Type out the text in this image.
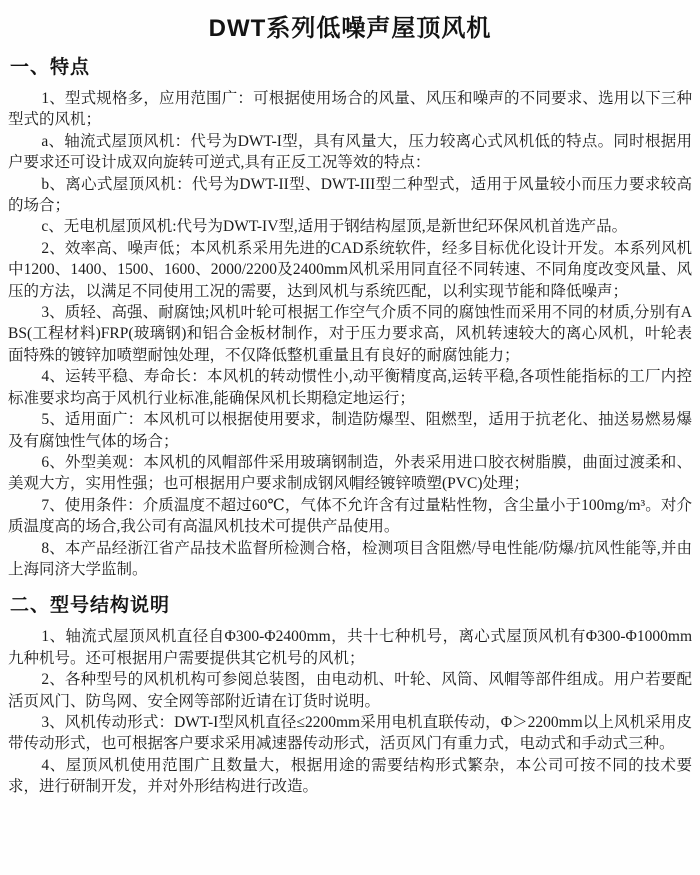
DWT系列低噪声屋顶风机
一、特点

1、型式规格多，应用范围广：可根据使用场合的风量、风压和噪声的不同要求、选用以下三种型式的风机；

a、轴流式屋顶风机：代号为DWT-I型，具有风量大，压力较离心式风机低的特点。同时根据用户要求还可设计成双向旋转可逆式,具有正反工况等效的特点：

b、离心式屋顶风机：代号为DWT-II型、DWT-III型二种型式，适用于风量较小而压力要求较高的场合；

c、无电机屋顶风机:代号为DWT-IV型,适用于钢结构屋顶,是新世纪环保风机首选产品。

2、效率高、噪声低；本风机系采用先进的CAD系统软件，经多目标优化设计开发。本系列风机中1200、1400、1500、1600、2000/2200及2400mm风机采用同直径不同转速、不同角度改变风量、风压的方法，以满足不同使用工况的需要，达到风机与系统匹配，以利实现节能和降低噪声；

3、质轻、高强、耐腐蚀;风机叶轮可根据工作空气介质不同的腐蚀性而采用不同的材质,分别有ABS(工程材料)FRP(玻璃钢)和铝合金板材制作，对于压力要求高，风机转速较大的离心风机，叶轮表面特殊的镀锌加喷塑耐蚀处理，不仅降低整机重量且有良好的耐腐蚀能力；

4、运转平稳、寿命长：本风机的转动惯性小,动平衡精度高,运转平稳,各项性能指标的工厂内控标准要求均高于风机行业标准,能确保风机长期稳定地运行；

5、适用面广：本风机可以根据使用要求，制造防爆型、阻燃型，适用于抗老化、抽送易燃易爆及有腐蚀性气体的场合；

6、外型美观：本风机的风帽部件采用玻璃钢制造，外表采用进口胶衣树脂膜，曲面过渡柔和、美观大方，实用性强；也可根据用户要求制成钢风帽经镀锌喷塑(PVC)处理；

7、使用条件：介质温度不超过60℃，气体不允许含有过量粘性物，含尘量小于100mg/m³。对介质温度高的场合,我公司有高温风机技术可提供产品使用。

8、本产品经浙江省产品技术监督所检测合格，检测项目含阻燃/导电性能/防爆/抗风性能等,并由上海同济大学监制。

二、型号结构说明

1、轴流式屋顶风机直径自Φ300-Φ2400mm，共十七种机号，离心式屋顶风机有Φ300-Φ1000mm九种机号。还可根据用户需要提供其它机号的风机；

2、各种型号的风机机构可参阅总装图，由电动机、叶轮、风筒、风帽等部件组成。用户若要配活页风门、防鸟网、安全网等部附近请在订货时说明。

3、风机传动形式：DWT-I型风机直径≤2200mm采用电机直联传动，Φ＞2200mm以上风机采用皮带传动形式，也可根据客户要求采用减速器传动形式，活页风门有重力式，电动式和手动式三种。

4、屋顶风机使用范围广且数量大，根据用途的需要结构形式繁杂，本公司可按不同的技术要求，进行研制开发，并对外形结构进行改造。
